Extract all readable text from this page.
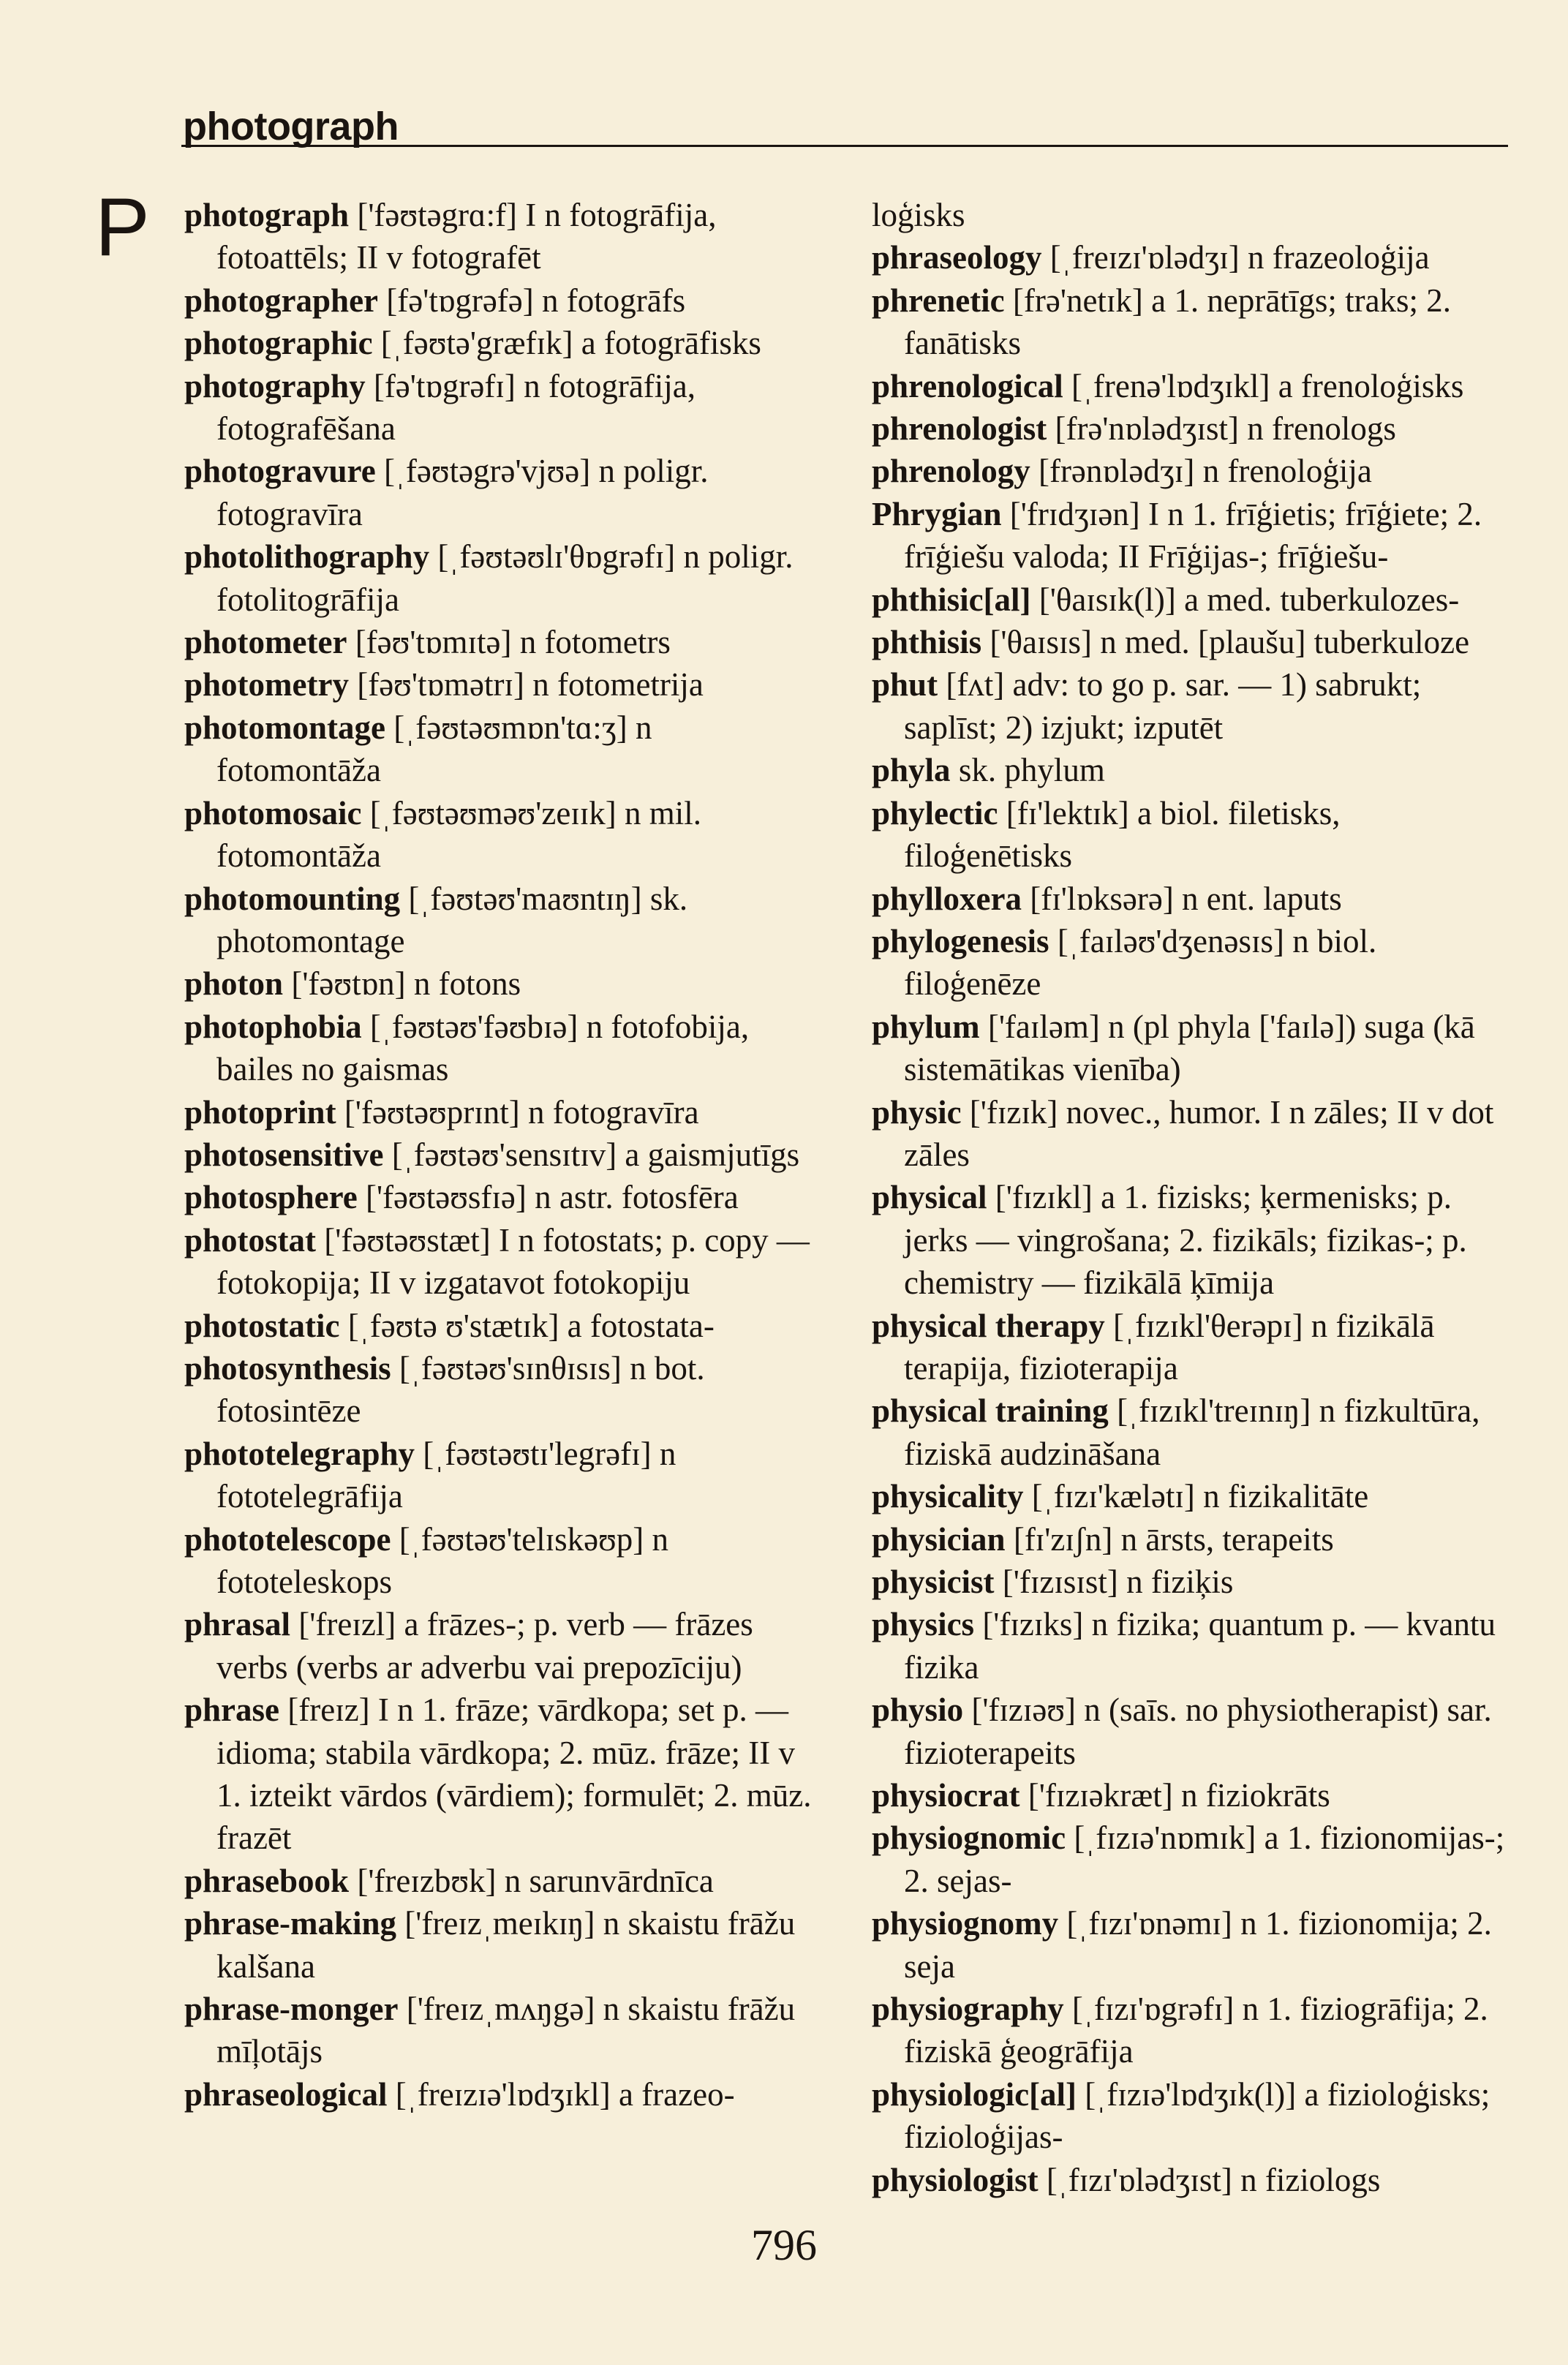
photograph
P photograph ['fəʊtəgrɑ:f] I n fotogrāfija, fotoattēls; II v fotografēt

photographer [fə'tɒgrəfə] n fotogrāfs

photographic [ˌfəʊtə'græfɪk] a fotogrāfisks

photography [fə'tɒgrəfɪ] n fotogrāfija, fotografēšana

photogravure [ˌfəʊtəgrə'vjʊə] n poligr. fotogravīra

photolithography [ˌfəʊtəʊlɪ'θɒgrəfɪ] n poligr. fotolitogrāfija

photometer [fəʊ'tɒmɪtə] n fotometrs

photometry [fəʊ'tɒmətrɪ] n fotometrija

photomontage [ˌfəʊtəʊmɒn'tɑ:ʒ] n fotomontāža

photomosaic [ˌfəʊtəʊməʊ'zeɪɪk] n mil. fotomontāža

photomounting [ˌfəʊtəʊ'maʊntɪŋ] sk. photomontage

photon ['fəʊtɒn] n fotons

photophobia [ˌfəʊtəʊ'fəʊbɪə] n fotofobija, bailes no gaismas

photoprint ['fəʊtəʊprɪnt] n fotogravīra

photosensitive [ˌfəʊtəʊ'sensɪtɪv] a gaismjutīgs

photosphere ['fəʊtəʊsfɪə] n astr. fotosfēra

photostat ['fəʊtəʊstæt] I n fotostats; p. copy — fotokopija; II v izgatavot fotokopiju

photostatic [ˌfəʊtə ʊ'stætɪk] a fotostata-

photosynthesis [ˌfəʊtəʊ'sɪnθɪsɪs] n bot. fotosintēze

phototelegraphy [ˌfəʊtəʊtɪ'legrəfɪ] n fototelegrāfija

phototelescope [ˌfəʊtəʊ'telɪskəʊp] n fototeleskops

phrasal ['freɪzl] a frāzes-; p. verb — frāzes verbs (verbs ar adverbu vai prepozīciju)

phrase [freɪz] I n 1. frāze; vārdkopa; set p. — idioma; stabila vārdkopa; 2. mūz. frāze; II v 1. izteikt vārdos (vārdiem); formulēt; 2. mūz. frazēt

phrasebook ['freɪzbʊk] n sarunvārdnīca

phrase-making ['freɪzˌmeɪkɪŋ] n skaistu frāžu kalšana

phrase-monger ['freɪzˌmʌŋgə] n skaistu frāžu mīļotājs

phraseological [ˌfreɪzɪə'lɒdʒɪkl] a frazeo-

loģisks

phraseology [ˌfreɪzɪ'ɒlədʒɪ] n frazeoloģija

phrenetic [frə'netɪk] a 1. neprātīgs; traks; 2. fanātisks

phrenological [ˌfrenə'lɒdʒɪkl] a frenoloģisks

phrenologist [frə'nɒlədʒɪst] n frenologs

phrenology [frənɒlədʒɪ] n frenoloģija

Phrygian ['frɪdʒɪən] I n 1. frīģietis; frīģiete; 2. frīģiešu valoda; II Frīģijas-; frīģiešu-

phthisic[al] ['θaɪsɪk(l)] a med. tuberkulozes-

phthisis ['θaɪsɪs] n med. [plaušu] tuberkuloze

phut [fʌt] adv: to go p. sar. — 1) sabrukt; saplīst; 2) izjukt; izputēt

phyla sk. phylum

phylectic [fɪ'lektɪk] a biol. filetisks, filoģenētisks

phylloxera [fɪ'lɒksərə] n ent. laputs

phylogenesis [ˌfaɪləʊ'dʒenəsɪs] n biol. filoģenēze

phylum ['faɪləm] n (pl phyla ['faɪlə]) suga (kā sistemātikas vienība)

physic ['fɪzɪk] novec., humor. I n zāles; II v dot zāles

physical ['fɪzɪkl] a 1. fizisks; ķermenisks; p. jerks — vingrošana; 2. fizikāls; fizikas-; p. chemistry — fizikālā ķīmija

physical therapy [ˌfɪzɪkl'θerəpɪ] n fizikālā terapija, fizioterapija

physical training [ˌfɪzɪkl'treɪnɪŋ] n fizkultūra, fiziskā audzināšana

physicality [ˌfɪzɪ'kælətɪ] n fizikalitāte

physician [fɪ'zɪʃn] n ārsts, terapeits

physicist ['fɪzɪsɪst] n fiziķis

physics ['fɪzɪks] n fizika; quantum p. — kvantu fizika

physio ['fɪzɪəʊ] n (saīs. no physiotherapist) sar. fizioterapeits

physiocrat ['fɪzɪəkræt] n fiziokrāts

physiognomic [ˌfɪzɪə'nɒmɪk] a 1. fizionomijas-; 2. sejas-

physiognomy [ˌfɪzɪ'ɒnəmɪ] n 1. fizionomija; 2. seja

physiography [ˌfɪzɪ'ɒgrəfɪ] n 1. fiziogrāfija; 2. fiziskā ģeogrāfija

physiologic[al] [ˌfɪzɪə'lɒdʒɪk(l)] a fizioloģisks; fizioloģijas-

physiologist [ˌfɪzɪ'ɒlədʒɪst] n fiziologs

796
